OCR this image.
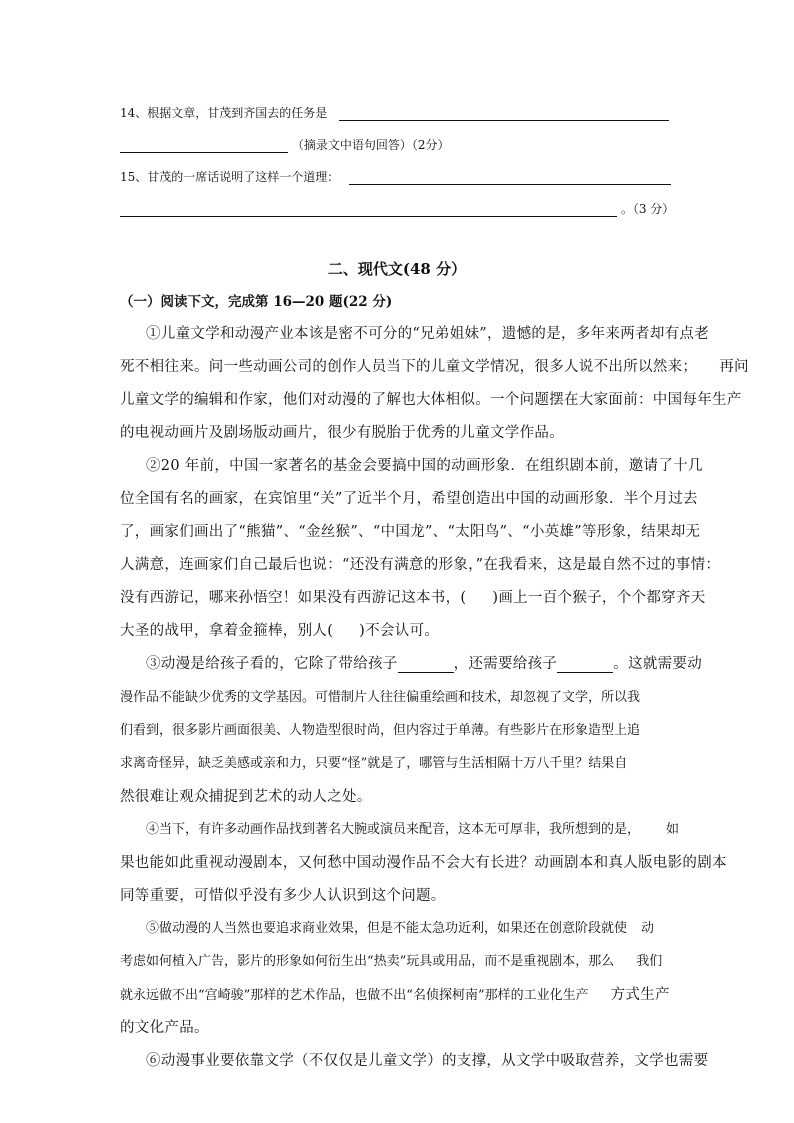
14、根据文章，甘茂到齐国去的任务是
（摘录文中语句回答）（2分）
15、甘茂的一席话说明了这样一个道理：
。（3 分）
二、现代文(48 分）
（一）阅读下文，完成第 16—20 题(22 分)
①儿童文学和动漫产业本该是密不可分的“兄弟姐妹”，遗憾的是，多年来两者却有点老
死不相往来。问一些动画公司的创作人员当下的儿童文学情况，很多人说不出所以然来； 再问
儿童文学的编辑和作家，他们对动漫的了解也大体相似。一个问题摆在大家面前：中国每年生产
的电视动画片及剧场版动画片，很少有脱胎于优秀的儿童文学作品。
②20 年前，中国一家著名的基金会要搞中国的动画形象．在组织剧本前，邀请了十几
位全国有名的画家，在宾馆里“关”了近半个月，希望创造出中国的动画形象．半个月过去
了，画家们画出了“熊猫”、“金丝猴”、“中国龙”、“太阳鸟”、“小英雄”等形象，结果却无
人满意，连画家们自己最后也说：“还没有满意的形象，”在我看来，这是最自然不过的事情：
没有西游记，哪来孙悟空！如果没有西游记这本书，( )画上一百个猴子，个个都穿齐天
大圣的战甲，拿着金箍棒，别人( )不会认可。
③动漫是给孩子看的，它除了带给孩子	，还需要给孩子	。这就需要动
漫作品不能缺少优秀的文学基因。可惜制片人往往偏重绘画和技术，却忽视了文学，所以我
们看到，很多影片画面很美、人物造型很时尚，但内容过于单薄。有些影片在形象造型上追
求离奇怪异，缺乏美感或亲和力，只要“怪”就是了，哪管与生活相隔十万八千里？结果自
然很难让观众捕捉到艺术的动人之处。
④当下，有许多动画作品找到著名大腕或演员来配音，这本无可厚非，我所想到的是， 如
果也能如此重视动漫剧本，又何愁中国动漫作品不会大有长进？动画剧本和真人版电影的剧本
同等重要，可惜似乎没有多少人认识到这个问题。
⑤做动漫的人当然也要追求商业效果，但是不能太急功近利，如果还在创意阶段就使 动
考虑如何植入广告，影片的形象如何衍生出“热卖”玩具或用品，而不是重视剧本，那么 我们
就永远做不出“宫崎骏”那样的艺术作品，也做不出“名侦探柯南”那样的工业化生产 方式生产
的文化产品。
⑥动漫事业要依靠文学（不仅仅是儿童文学）的支撑，从文学中吸取营养，文学也需要
